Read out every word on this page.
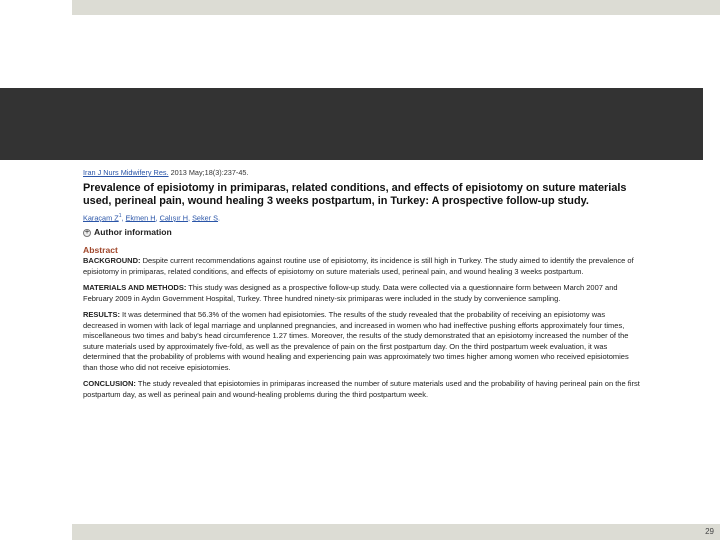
Iran J Nurs Midwifery Res. 2013 May;18(3):237-45.
Prevalence of episiotomy in primiparas, related conditions, and effects of episiotomy on suture materials used, perineal pain, wound healing 3 weeks postpartum, in Turkey: A prospective follow-up study.
Karaçam $Z^1$, Ekmen H, Calışır H, Seker S.
+ Author information
Abstract
BACKGROUND: Despite current recommendations against routine use of episiotomy, its incidence is still high in Turkey. The study aimed to identify the prevalence of episiotomy in primiparas, related conditions, and effects of episiotomy on suture materials used, perineal pain, and wound healing 3 weeks postpartum.
MATERIALS AND METHODS: This study was designed as a prospective follow-up study. Data were collected via a questionnaire form between March 2007 and February 2009 in Aydın Government Hospital, Turkey. Three hundred ninety-six primiparas were included in the study by convenience sampling.
RESULTS: It was determined that 56.3% of the women had episiotomies. The results of the study revealed that the probability of receiving an episiotomy was decreased in women with lack of legal marriage and unplanned pregnancies, and increased in women who had ineffective pushing efforts approximately four times, miscellaneous two times and baby's head circumference 1.27 times. Moreover, the results of the study demonstrated that an episiotomy increased the number of the suture materials used by approximately five-fold, as well as the prevalence of pain on the first postpartum day. On the third postpartum week evaluation, it was determined that the probability of problems with wound healing and experiencing pain was approximately two times higher among women who received episiotomies than those who did not receive episiotomies.
CONCLUSION: The study revealed that episiotomies in primiparas increased the number of suture materials used and the probability of having perineal pain on the first postpartum day, as well as perineal pain and wound-healing problems during the third postpartum week.
29
